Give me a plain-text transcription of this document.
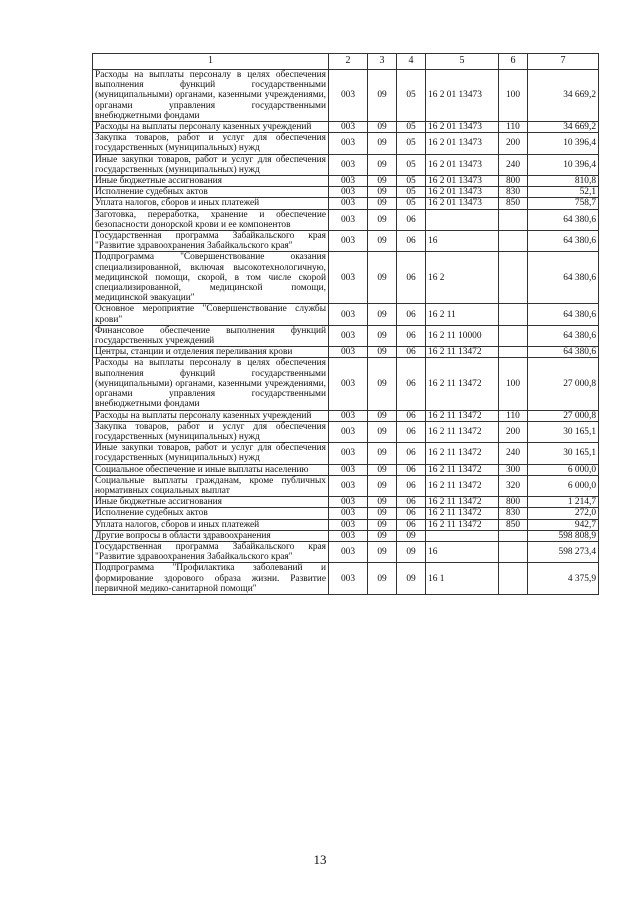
1	2	3	4	5	6	7
Расходы на выплаты персоналу в целях обеспечения выполнения функций государственными (муниципальными) органами, казенными учреждениями, органами управления государственными внебюджетными фондами	003	09	05	16 2 01 13473	100	34 669,2
Расходы на выплаты персоналу казенных учреждений	003	09	05	16 2 01 13473	110	34 669,2
Закупка товаров, работ и услуг для обеспечения государственных (муниципальных) нужд	003	09	05	16 2 01 13473	200	10 396,4
Иные закупки товаров, работ и услуг для обеспечения государственных (муниципальных) нужд	003	09	05	16 2 01 13473	240	10 396,4
Иные бюджетные ассигнования	003	09	05	16 2 01 13473	800	810,8
Исполнение судебных актов	003	09	05	16 2 01 13473	830	52,1
Уплата налогов, сборов и иных платежей	003	09	05	16 2 01 13473	850	758,7
Заготовка, переработка, хранение и обеспечение безопасности донорской крови и ее компонентов	003	09	06			64 380,6
Государственная программа Забайкальского края "Развитие здравоохранения Забайкальского края"	003	09	06	16		64 380,6
Подпрограмма "Совершенствование оказания специализированной, включая высокотехнологичную, медицинской помощи, скорой, в том числе скорой специализированной, медицинской помощи, медицинской эвакуации"	003	09	06	16 2		64 380,6
Основное мероприятие "Совершенствование службы крови"	003	09	06	16 2 11		64 380,6
Финансовое обеспечение выполнения функций государственных учреждений	003	09	06	16 2 11 10000		64 380,6
Центры, станции и отделения переливания крови	003	09	06	16 2 11 13472		64 380,6
Расходы на выплаты персоналу в целях обеспечения выполнения функций государственными (муниципальными) органами, казенными учреждениями, органами управления государственными внебюджетными фондами	003	09	06	16 2 11 13472	100	27 000,8
Расходы на выплаты персоналу казенных учреждений	003	09	06	16 2 11 13472	110	27 000,8
Закупка товаров, работ и услуг для обеспечения государственных (муниципальных) нужд	003	09	06	16 2 11 13472	200	30 165,1
Иные закупки товаров, работ и услуг для обеспечения государственных (муниципальных) нужд	003	09	06	16 2 11 13472	240	30 165,1
Социальное обеспечение и иные выплаты населению	003	09	06	16 2 11 13472	300	6 000,0
Социальные выплаты гражданам, кроме публичных нормативных социальных выплат	003	09	06	16 2 11 13472	320	6 000,0
Иные бюджетные ассигнования	003	09	06	16 2 11 13472	800	1 214,7
Исполнение судебных актов	003	09	06	16 2 11 13472	830	272,0
Уплата налогов, сборов и иных платежей	003	09	06	16 2 11 13472	850	942,7
Другие вопросы в области здравоохранения	003	09	09			598 808,9
Государственная программа Забайкальского края "Развитие здравоохранения Забайкальского края"	003	09	09	16		598 273,4
Подпрограмма "Профилактика заболеваний и формирование здорового образа жизни. Развитие первичной медико-санитарной помощи"	003	09	09	16 1		4 375,9
13
